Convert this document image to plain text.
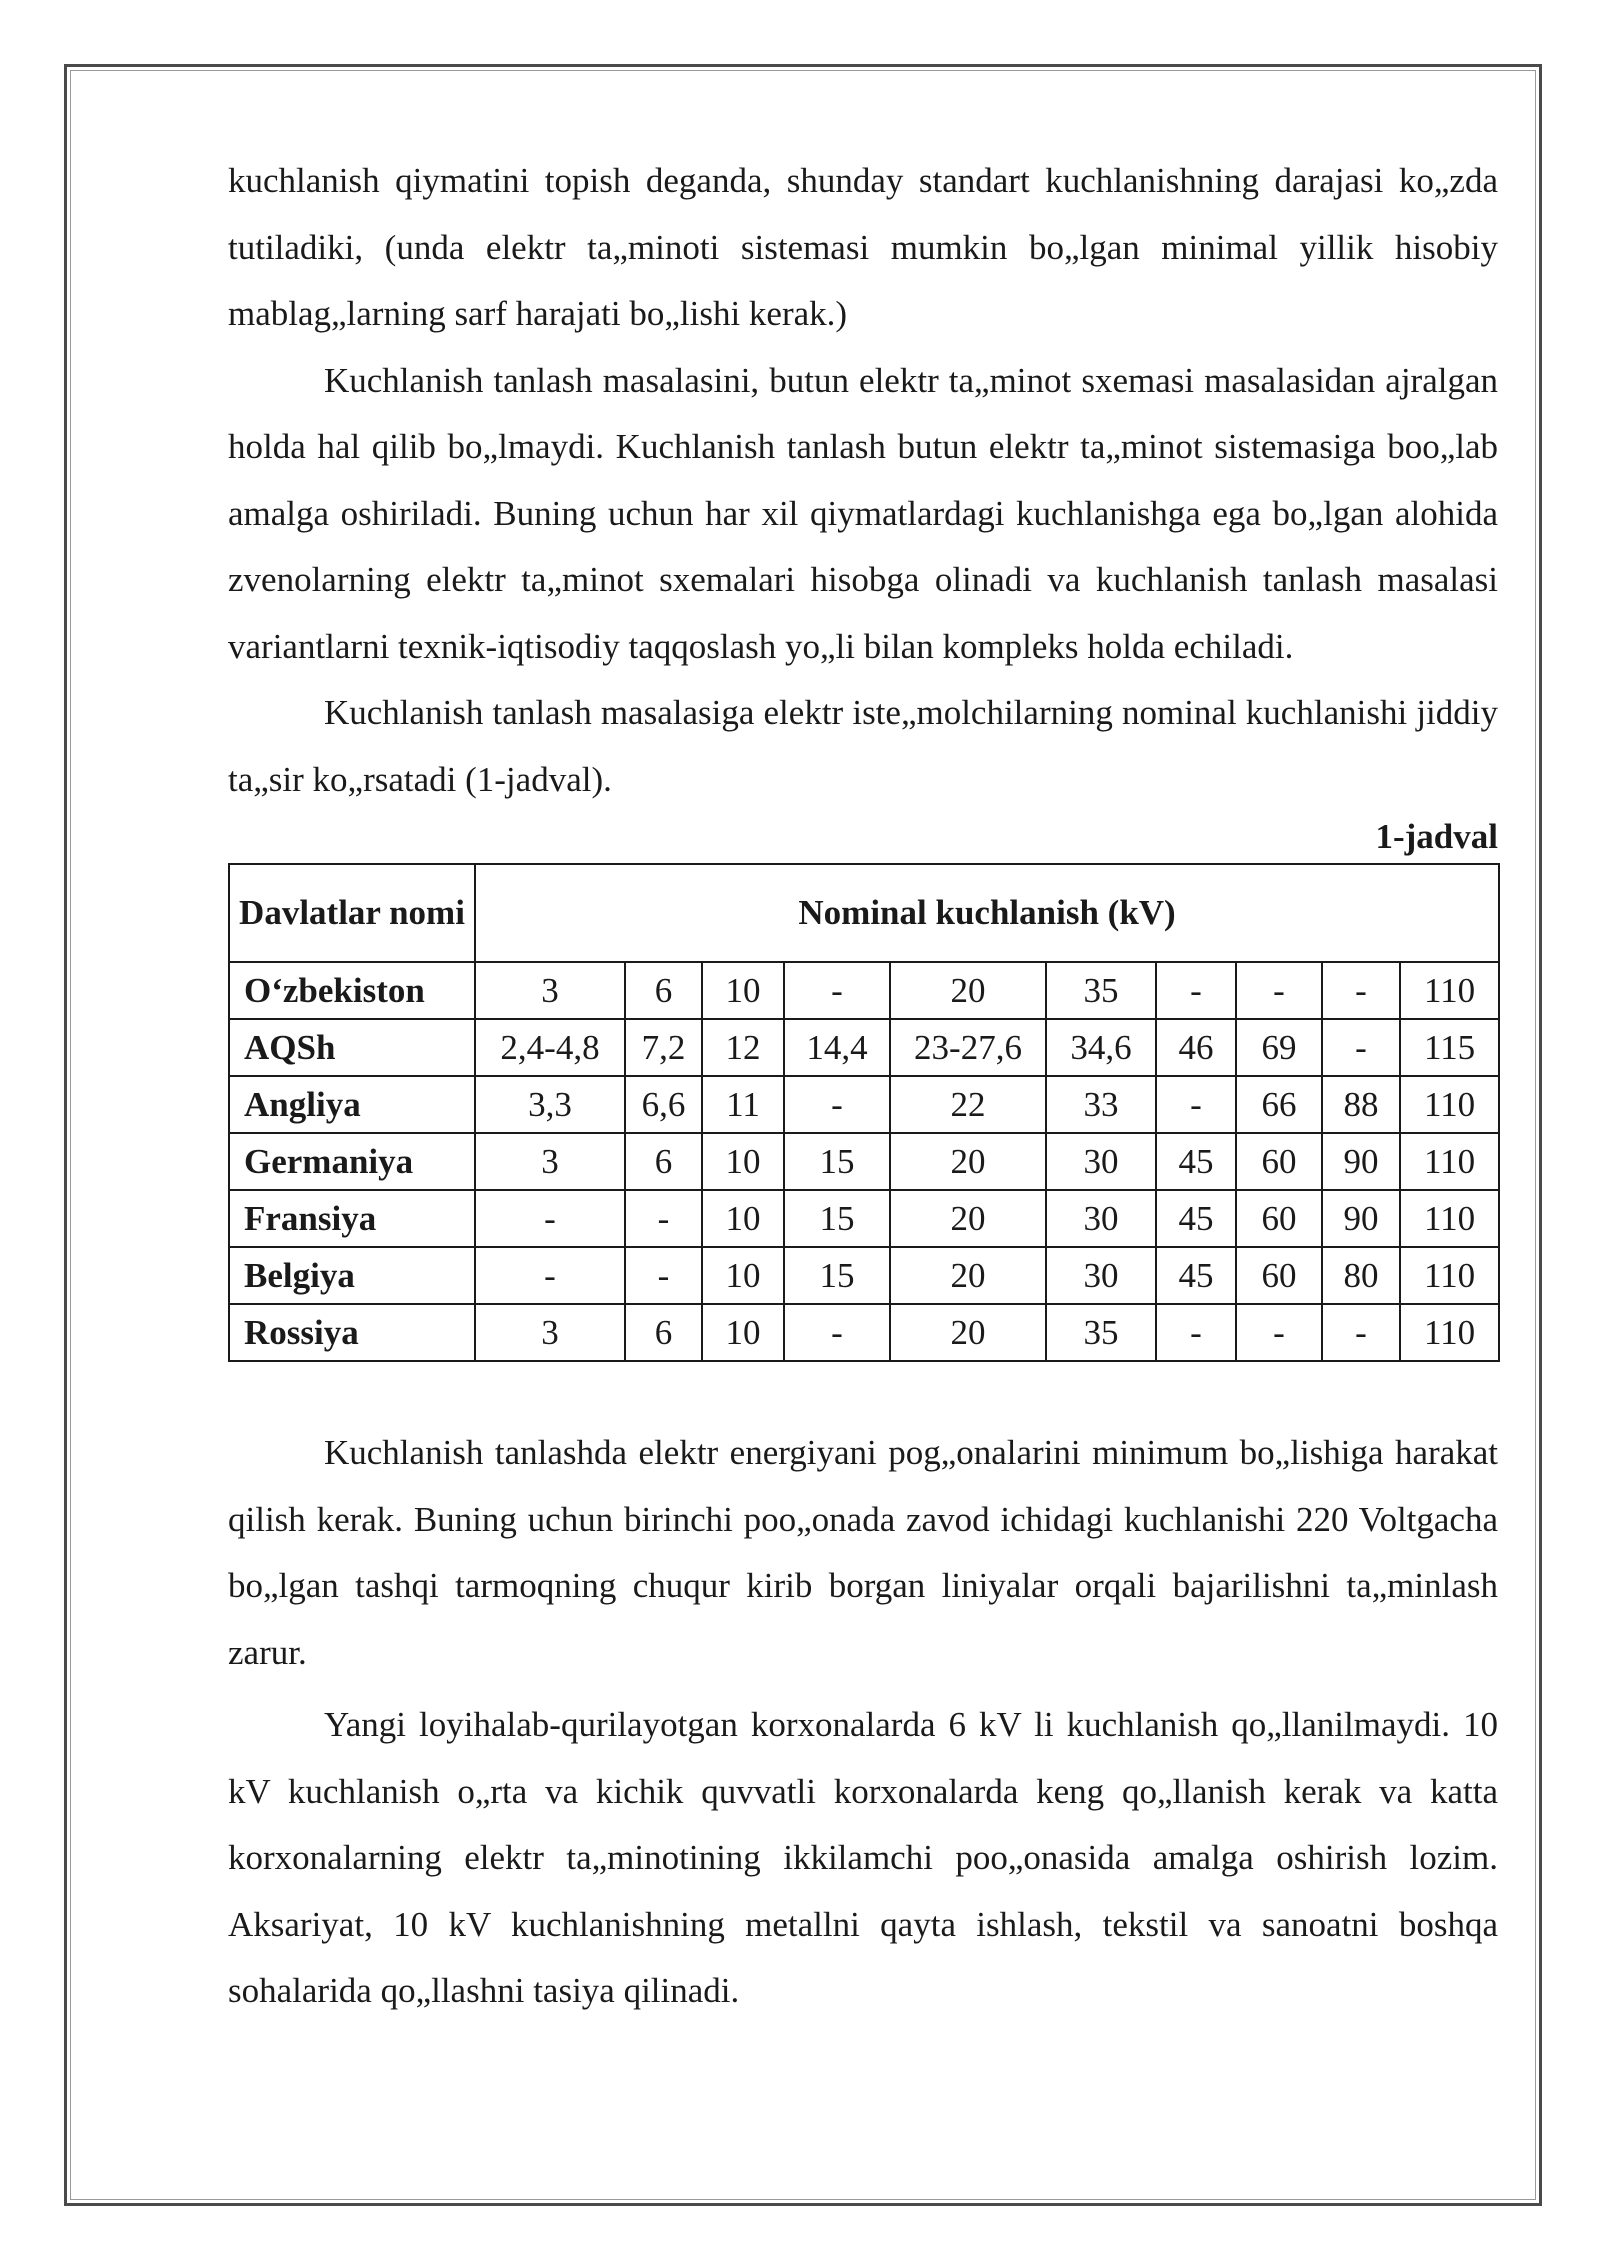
kuchlanish qiymatini topish deganda, shunday standart kuchlanishning darajasi ko„zda tutiladiki, (unda elektr ta„minoti sistemasi mumkin bo„lgan minimal yillik hisobiy mablag„larning sarf harajati bo„lishi kerak.)

Kuchlanish tanlash masalasini, butun elektr ta„minot sxemasi masalasidan ajralgan holda hal qilib bo„lmaydi. Kuchlanish tanlash butun elektr ta„minot sistemasiga boo„lab amalga oshiriladi. Buning uchun har xil qiymatlardagi kuchlanishga ega bo„lgan alohida zvenolarning elektr ta„minot sxemalari hisobga olinadi va kuchlanish tanlash masalasi variantlarni texnik-iqtisodiy taqqoslash yo„li bilan kompleks holda echiladi.

Kuchlanish tanlash masalasiga elektr iste„molchilarning nominal kuchlanishi jiddiy ta„sir ko„rsatadi (1-jadval).

1-jadval
Davlatlar nomi	Nominal kuchlanish (kV)									
O‘zbekiston	3	6	10	-	20	35	-	-	-	110
AQSh	2,4-4,8	7,2	12	14,4	23-27,6	34,6	46	69	-	115
Angliya	3,3	6,6	11	-	22	33	-	66	88	110
Germaniya	3	6	10	15	20	30	45	60	90	110
Fransiya	-	-	10	15	20	30	45	60	90	110
Belgiya	-	-	10	15	20	30	45	60	80	110
Rossiya	3	6	10	-	20	35	-	-	-	110

Kuchlanish tanlashda elektr energiyani pog„onalarini minimum bo„lishiga harakat qilish kerak. Buning uchun birinchi poo„onada zavod ichidagi kuchlanishi 220 Voltgacha bo„lgan tashqi tarmoqning chuqur kirib borgan liniyalar orqali bajarilishni ta„minlash zarur.

Yangi loyihalab-qurilayotgan korxonalarda 6 kV li kuchlanish qo„llanilmaydi. 10 kV kuchlanish o„rta va kichik quvvatli korxonalarda keng qo„llanish kerak va katta korxonalarning elektr ta„minotining ikkilamchi poo„onasida amalga oshirish lozim. Aksariyat, 10 kV kuchlanishning metallni qayta ishlash, tekstil va sanoatni boshqa sohalarida qo„llashni tasiya qilinadi.
